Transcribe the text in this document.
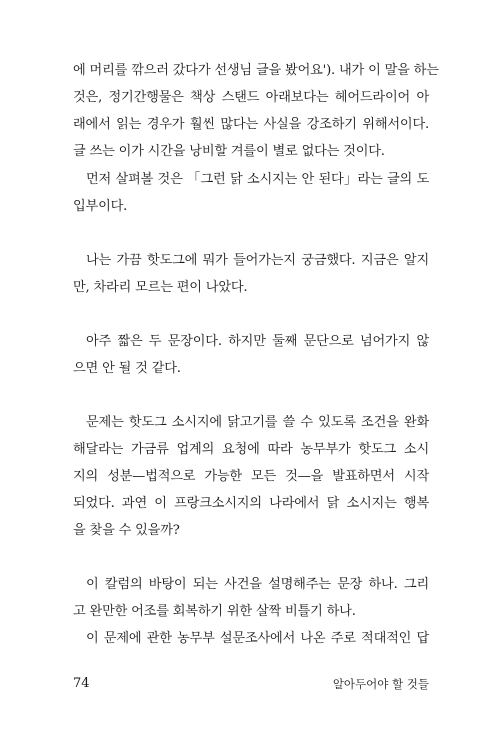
에 머리를 깎으러 갔다가 선생님 글을 봤어요'). 내가 이 말을 하는
것은, 정기간행물은 책상 스탠드 아래보다는 헤어드라이어 아
래에서 읽는 경우가 훨씬 많다는 사실을 강조하기 위해서이다.
글 쓰는 이가 시간을 낭비할 겨를이 별로 없다는 것이다.
먼저 살펴볼 것은 「그런 닭 소시지는 안 된다」라는 글의 도
입부이다.
나는 가끔 핫도그에 뭐가 들어가는지 궁금했다. 지금은 알지
만, 차라리 모르는 편이 나았다.
아주 짧은 두 문장이다. 하지만 둘째 문단으로 넘어가지 않
으면 안 될 것 같다.
문제는 핫도그 소시지에 닭고기를 쓸 수 있도록 조건을 완화
해달라는 가금류 업계의 요청에 따라 농무부가 핫도그 소시
지의 성분—법적으로 가능한 모든 것—을 발표하면서 시작
되었다. 과연 이 프랑크소시지의 나라에서 닭 소시지는 행복
을 찾을 수 있을까?
이 칼럼의 바탕이 되는 사건을 설명해주는 문장 하나. 그리
고 완만한 어조를 회복하기 위한 살짝 비틀기 하나.
이 문제에 관한 농무부 설문조사에서 나온 주로 적대적인 답
74	알아두어야 할 것들
